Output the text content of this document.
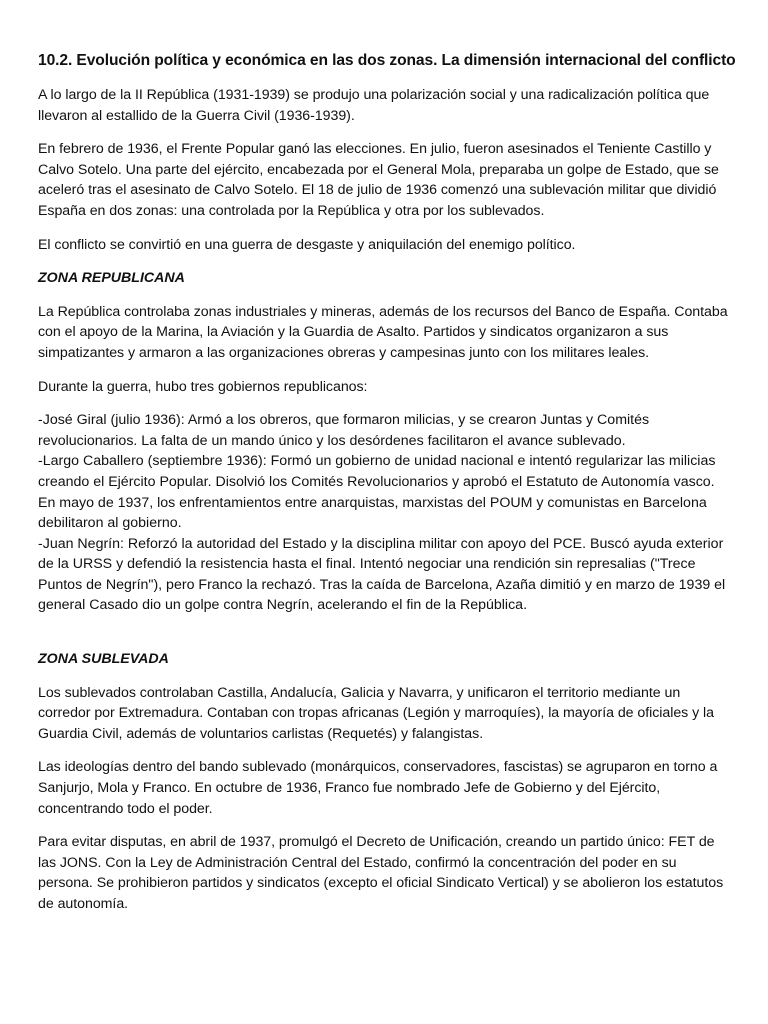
10.2. Evolución política y económica en las dos zonas. La dimensión internacional del conflicto

A lo largo de la II República (1931-1939) se produjo una polarización social y una radicalización política que llevaron al estallido de la Guerra Civil (1936-1939).

En febrero de 1936, el Frente Popular ganó las elecciones. En julio, fueron asesinados el Teniente Castillo y Calvo Sotelo. Una parte del ejército, encabezada por el General Mola, preparaba un golpe de Estado, que se aceleró tras el asesinato de Calvo Sotelo. El 18 de julio de 1936 comenzó una sublevación militar que dividió España en dos zonas: una controlada por la República y otra por los sublevados.

El conflicto se convirtió en una guerra de desgaste y aniquilación del enemigo político.

ZONA REPUBLICANA

La República controlaba zonas industriales y mineras, además de los recursos del Banco de España. Contaba con el apoyo de la Marina, la Aviación y la Guardia de Asalto. Partidos y sindicatos organizaron a sus simpatizantes y armaron a las organizaciones obreras y campesinas junto con los militares leales.

Durante la guerra, hubo tres gobiernos republicanos:

-José Giral (julio 1936): Armó a los obreros, que formaron milicias, y se crearon Juntas y Comités revolucionarios. La falta de un mando único y los desórdenes facilitaron el avance sublevado.
-Largo Caballero (septiembre 1936): Formó un gobierno de unidad nacional e intentó regularizar las milicias creando el Ejército Popular. Disolvió los Comités Revolucionarios y aprobó el Estatuto de Autonomía vasco. En mayo de 1937, los enfrentamientos entre anarquistas, marxistas del POUM y comunistas en Barcelona debilitaron al gobierno.
-Juan Negrín: Reforzó la autoridad del Estado y la disciplina militar con apoyo del PCE. Buscó ayuda exterior de la URSS y defendió la resistencia hasta el final. Intentó negociar una rendición sin represalias ("Trece Puntos de Negrín"), pero Franco la rechazó. Tras la caída de Barcelona, Azaña dimitió y en marzo de 1939 el general Casado dio un golpe contra Negrín, acelerando el fin de la República.
ZONA SUBLEVADA

Los sublevados controlaban Castilla, Andalucía, Galicia y Navarra, y unificaron el territorio mediante un corredor por Extremadura. Contaban con tropas africanas (Legión y marroquíes), la mayoría de oficiales y la Guardia Civil, además de voluntarios carlistas (Requetés) y falangistas.

Las ideologías dentro del bando sublevado (monárquicos, conservadores, fascistas) se agruparon en torno a Sanjurjo, Mola y Franco. En octubre de 1936, Franco fue nombrado Jefe de Gobierno y del Ejército, concentrando todo el poder.

Para evitar disputas, en abril de 1937, promulgó el Decreto de Unificación, creando un partido único: FET de las JONS. Con la Ley de Administración Central del Estado, confirmó la concentración del poder en su persona. Se prohibieron partidos y sindicatos (excepto el oficial Sindicato Vertical) y se abolieron los estatutos de autonomía.
